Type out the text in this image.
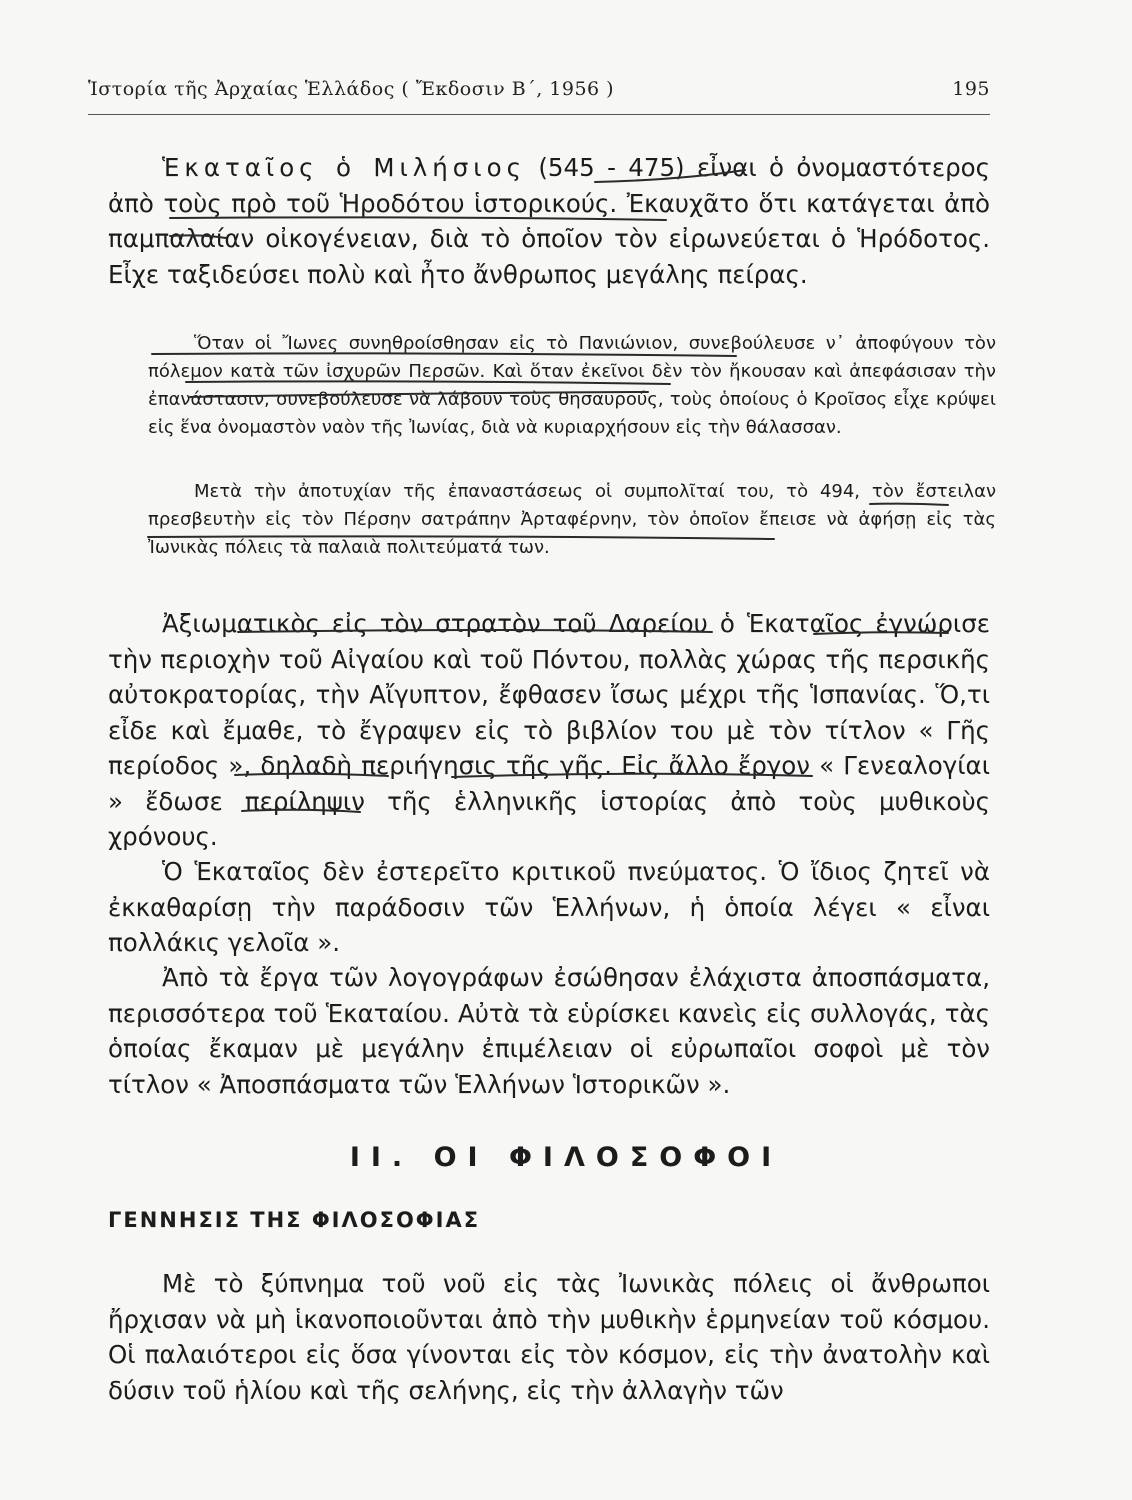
Ἱστορία τῆς Ἀρχαίας Ἑλλάδος ( Ἔκδοσιν Β΄, 1956 )	195

Ἑκαταῖος ὁ Μιλήσιος (545 - 475) εἶναι ὁ ὀνομαστότερος ἀπὸ τοὺς πρὸ τοῦ Ἡροδότου ἱστορικούς. Ἐκαυχᾶτο ὅτι κατάγεται ἀπὸ παμπαλαίαν οἰκογένειαν, διὰ τὸ ὁποῖον τὸν εἰρωνεύεται ὁ Ἡρόδοτος. Εἶχε ταξιδεύσει πολὺ καὶ ἦτο ἄνθρωπος μεγάλης πείρας.

Ὅταν οἱ Ἴωνες συνηθροίσθησαν εἰς τὸ Πανιώνιον, συνεβούλευσε ν᾿ ἀποφύγουν τὸν πόλεμον κατὰ τῶν ἰσχυρῶν Περσῶν. Καὶ ὅταν ἐκεῖνοι δὲν τὸν ἤκουσαν καὶ ἀπεφάσισαν τὴν ἐπανάστασιν, συνεβούλευσε νὰ λάβουν τοὺς θησαυρούς, τοὺς ὁποίους ὁ Κροῖσος εἶχε κρύψει εἰς ἕνα ὀνομαστὸν ναὸν τῆς Ἰωνίας, διὰ νὰ κυριαρχήσουν εἰς τὴν θάλασσαν.

Μετὰ τὴν ἀποτυχίαν τῆς ἐπαναστάσεως οἱ συμπολῖταί του, τὸ 494, τὸν ἔστειλαν πρεσβευτὴν εἰς τὸν Πέρσην σατράπην Ἀρταφέρνην, τὸν ὁποῖον ἔπεισε νὰ ἀφήσῃ εἰς τὰς Ἰωνικὰς πόλεις τὰ παλαιὰ πολιτεύματά των.

Ἀξιωματικὸς εἰς τὸν στρατὸν τοῦ Δαρείου ὁ Ἑκαταῖος ἐγνώρισε τὴν περιοχὴν τοῦ Αἰγαίου καὶ τοῦ Πόντου, πολλὰς χώρας τῆς περσικῆς αὐτοκρατορίας, τὴν Αἴγυπτον, ἔφθασεν ἴσως μέχρι τῆς Ἱσπανίας. Ὅ,τι εἶδε καὶ ἔμαθε, τὸ ἔγραψεν εἰς τὸ βιβλίον του μὲ τὸν τίτλον « Γῆς περίοδος », δηλαδὴ περιήγησις τῆς γῆς. Εἰς ἄλλο ἔργον « Γενεαλογίαι » ἔδωσε περίληψιν τῆς ἑλληνικῆς ἱστορίας ἀπὸ τοὺς μυθικοὺς χρόνους.

Ὁ Ἑκαταῖος δὲν ἐστερεῖτο κριτικοῦ πνεύματος. Ὁ ἴδιος ζητεῖ νὰ ἐκκαθαρίσῃ τὴν παράδοσιν τῶν Ἑλλήνων, ἡ ὁποία λέγει « εἶναι πολλάκις γελοῖα ».

Ἀπὸ τὰ ἔργα τῶν λογογράφων ἐσώθησαν ἐλάχιστα ἀποσπάσματα, περισσότερα τοῦ Ἑκαταίου. Αὐτὰ τὰ εὑρίσκει κανεὶς εἰς συλλογάς, τὰς ὁποίας ἔκαμαν μὲ μεγάλην ἐπιμέλειαν οἱ εὐρωπαῖοι σοφοὶ μὲ τὸν τίτλον « Ἀποσπάσματα τῶν Ἑλλήνων Ἱστορικῶν ».

ΙΙ. ΟΙ ΦΙΛΟΣΟΦΟΙ
ΓΕΝΝΗΣΙΣ ΤΗΣ ΦΙΛΟΣΟΦΙΑΣ

Μὲ τὸ ξύπνημα τοῦ νοῦ εἰς τὰς Ἰωνικὰς πόλεις οἱ ἄνθρωποι ἤρχισαν νὰ μὴ ἱκανοποιοῦνται ἀπὸ τὴν μυθικὴν ἑρμηνείαν τοῦ κόσμου. Οἱ παλαιότεροι εἰς ὅσα γίνονται εἰς τὸν κόσμον, εἰς τὴν ἀνατολὴν καὶ δύσιν τοῦ ἡλίου καὶ τῆς σελήνης, εἰς τὴν ἀλλαγὴν τῶν
